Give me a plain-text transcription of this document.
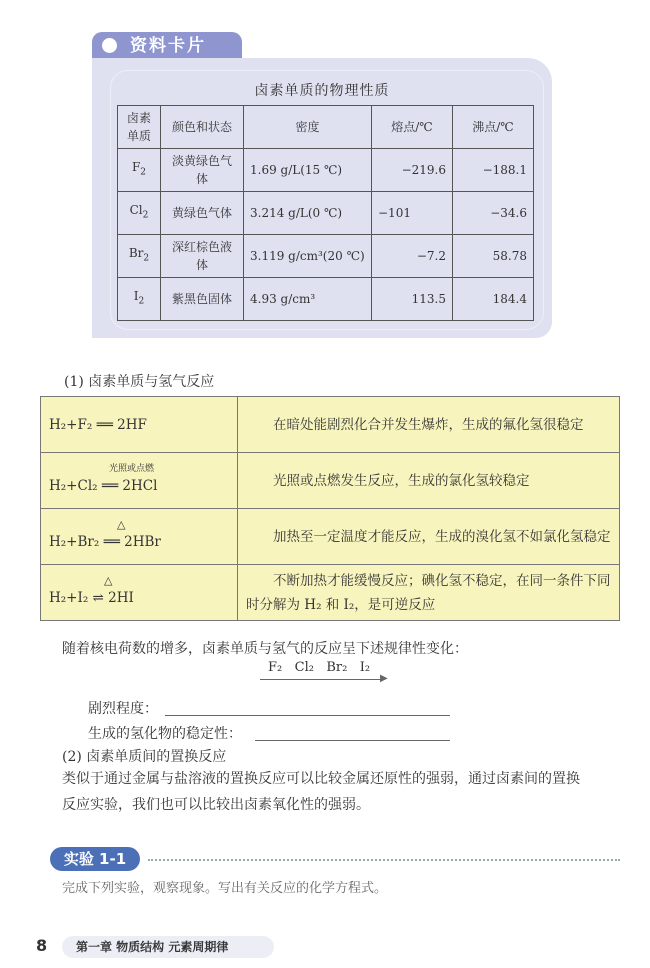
资料卡片
卤素单质的物理性质
卤素单质	颜色和状态	密度	熔点/℃	沸点/℃
$F_2$	淡黄绿色气体	1.69 g/L(15 ℃)	−219.6	−188.1
$Cl_2$	黄绿色气体	3.214 g/L(0 ℃)	−101	−34.6
$Br_2$	深红棕色液体	3.119 g/cm³(20 ℃)	−7.2	58.78
$I_2$	紫黑色固体	4.93 g/cm³	113.5	184.4
(1) 卤素单质与氢气反应
H₂+F₂ ══ 2HF	在暗处能剧烈化合并发生爆炸，生成的氟化氢很稳定

光照或点燃
H₂+Cl₂ ══ 2HCl	光照或点燃发生反应，生成的氯化氢较稳定

△
H₂+Br₂ ══ 2HBr	加热至一定温度才能反应，生成的溴化氢不如氯化氢稳定

△
H₂+I₂ ⇌ 2HI	不断加热才能缓慢反应；碘化氢不稳定，在同一条件下同时分解为 H₂ 和 I₂，是可逆反应
随着核电荷数的增多，卤素单质与氢气的反应呈下述规律性变化：
F₂   Cl₂   Br₂   I₂
▶
剧烈程度：
生成的氢化物的稳定性：
(2) 卤素单质间的置换反应
类似于通过金属与盐溶液的置换反应可以比较金属还原性的强弱，通过卤素间的置换
反应实验，我们也可以比较出卤素氧化性的强弱。
实验 1-1
完成下列实验，观察现象。写出有关反应的化学方程式。
8	第一章 物质结构 元素周期律
